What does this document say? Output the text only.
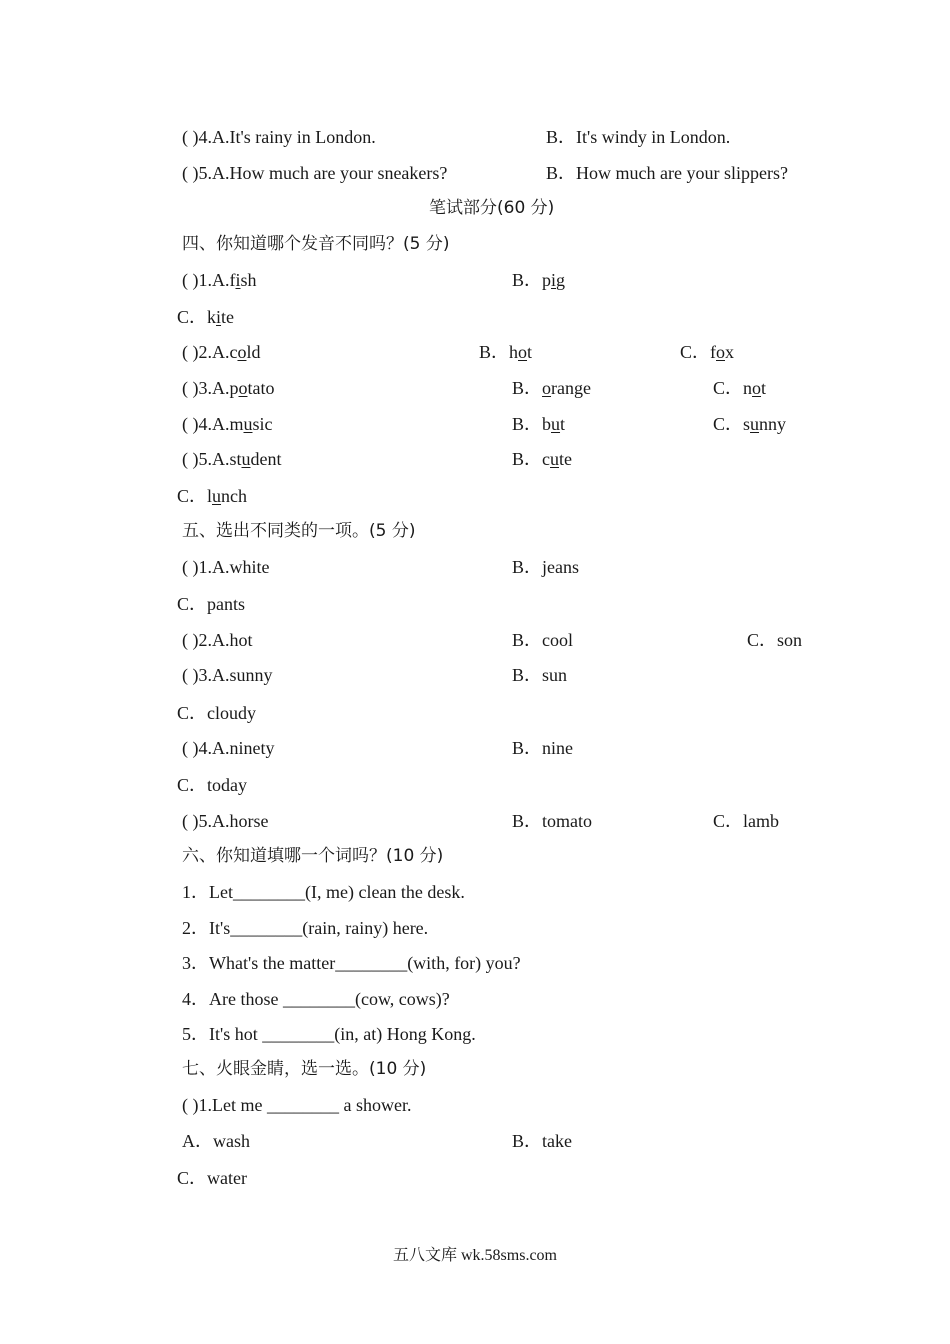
( )4.A.It's rainy in London.	B．It's windy in London.
( )5.A.How much are your sneakers?	B．How much are your slippers?
笔试部分(60 分)
四、你知道哪个发音不同吗？(5 分)
( )1.A.fish	B．pig
C．kite
( )2.A.cold	B．hot	C．fox
( )3.A.potato	B．orange	C．not
( )4.A.music	B．but	C．sunny
( )5.A.student	B．cute
C．lunch
五、选出不同类的一项。(5 分)
( )1.A.white	B．jeans
C．pants
( )2.A.hot	B．cool	C．son
( )3.A.sunny	B．sun
C．cloudy
( )4.A.ninety	B．nine
C．today
( )5.A.horse	B．tomato	C．lamb
六、你知道填哪一个词吗？(10 分)
1．Let________(I, me) clean the desk.
2．It's________(rain, rainy) here.
3．What's the matter________(with, for) you?
4．Are those ________(cow, cows)?
5．It's hot ________(in, at) Hong Kong.
七、火眼金睛，选一选。(10 分)
( )1.Let me ________ a shower.
A．wash	B．take
C．water
五八文库 wk.58sms.com
